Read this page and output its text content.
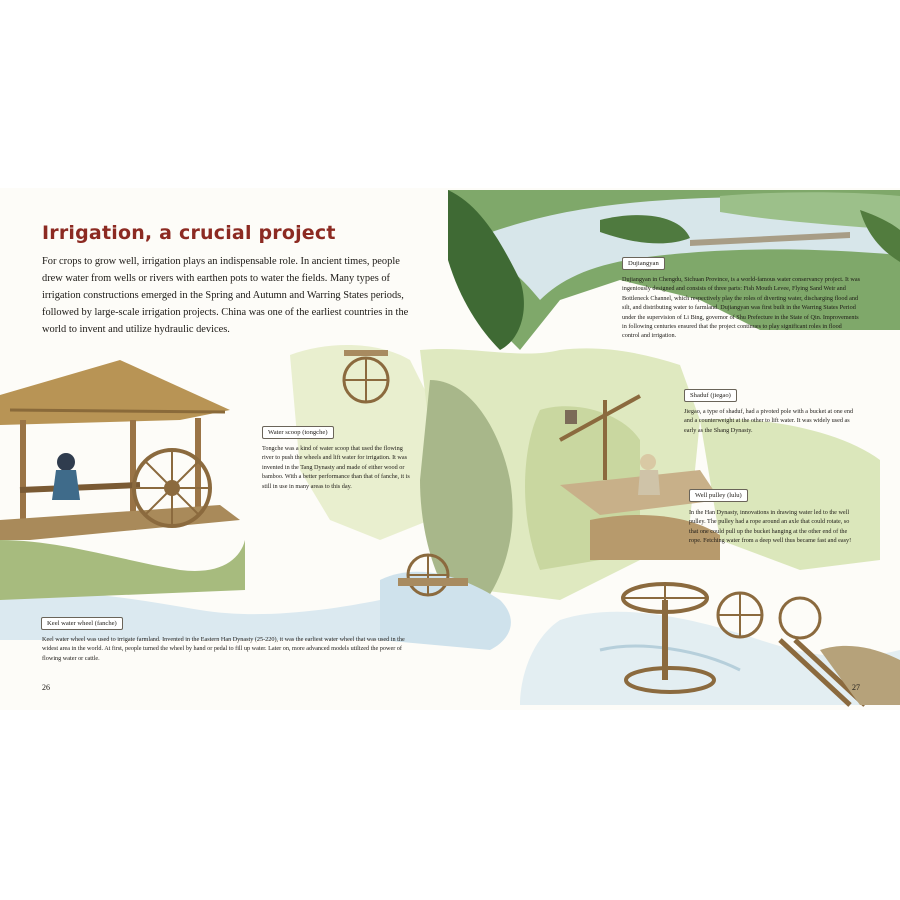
Irrigation, a crucial project

For crops to grow well, irrigation plays an indispensable role. In ancient times, people drew water from wells or rivers with earthen pots to water the fields. Many types of irrigation constructions emerged in the Spring and Autumn and Warring States periods, followed by large-scale irrigation projects. China was one of the earliest countries in the world to invent and utilize hydraulic devices.

Water scoop (tongche)

Tongche was a kind of water scoop that used the flowing river to push the wheels and lift water for irrigation. It was invented in the Tang Dynasty and made of either wood or bamboo. With a better performance than that of fanche, it is still in use in many areas to this day.

Keel water wheel (fanche)

Keel water wheel was used to irrigate farmland. Invented in the Eastern Han Dynasty (25-220), it was the earliest water wheel that was used in the widest area in the world. At first, people turned the wheel by hand or pedal to fill up water. Later on, more advanced models utilized the power of flowing water or cattle.

Dujiangyan

Dujiangyan in Chengdu, Sichuan Province, is a world-famous water conservancy project. It was ingeniously designed and consists of three parts: Fish Mouth Levee, Flying Sand Weir and Bottleneck Channel, which respectively play the roles of diverting water, discharging flood and silt, and distributing water to farmland. Dujiangyan was first built in the Warring States Period under the supervision of Li Bing, governor of Shu Prefecture in the State of Qin. Improvements in following centuries ensured that the project continues to play significant roles in flood control and irrigation.

Shaduf (jiegao)

Jiegao, a type of shaduf, had a pivoted pole with a bucket at one end and a counterweight at the other to lift water. It was widely used as early as the Shang Dynasty.

Well pulley (lulu)

In the Han Dynasty, innovations in drawing water led to the well pulley. The pulley had a rope around an axle that could rotate, so that one could pull up the bucket hanging at the other end of the rope. Fetching water from a deep well thus became fast and easy!

26	27
